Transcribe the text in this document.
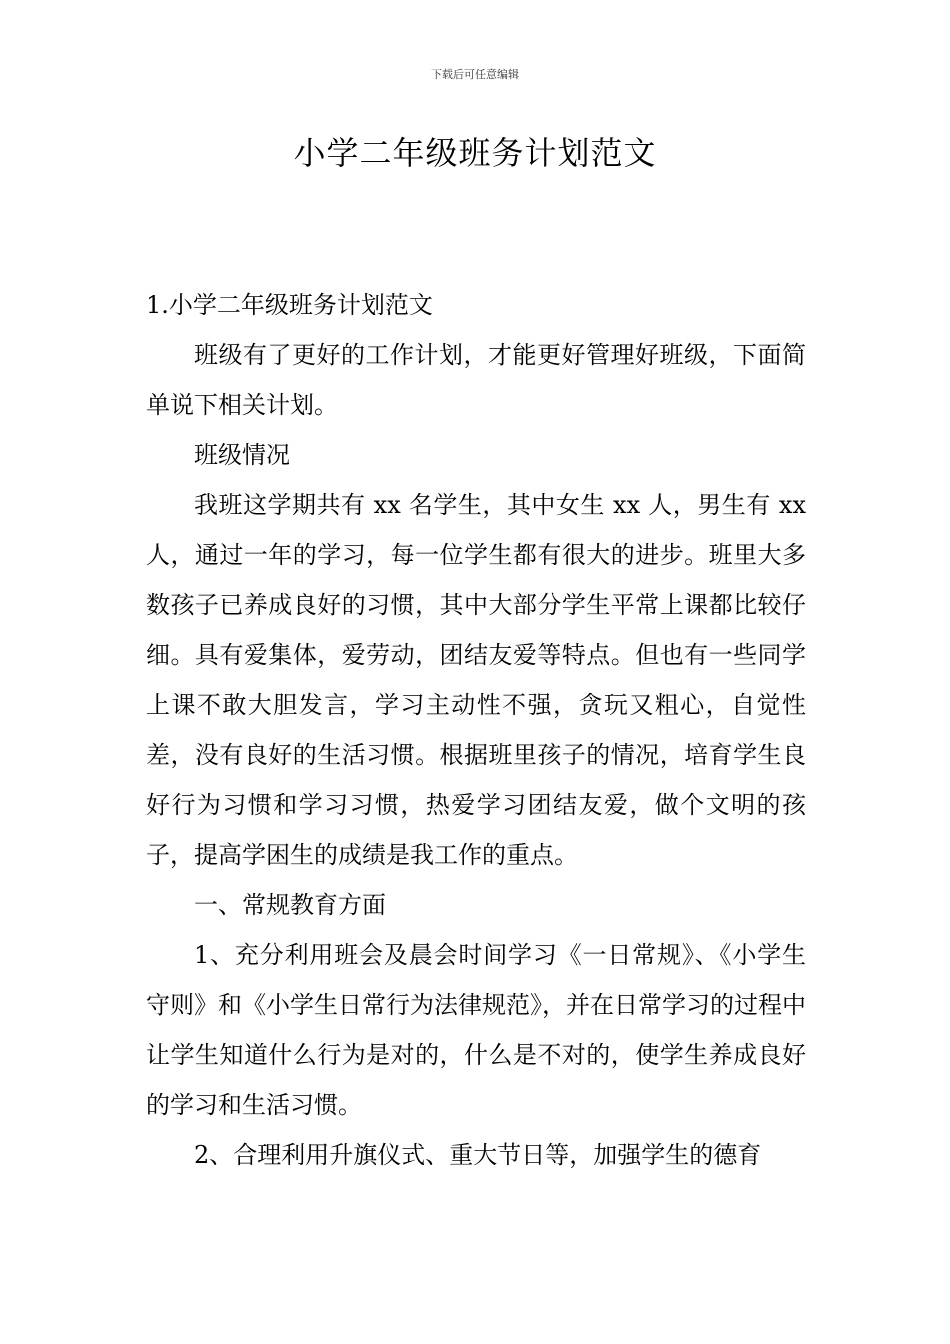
下载后可任意编辑
小学二年级班务计划范文

1.小学二年级班务计划范文

班级有了更好的工作计划，才能更好管理好班级，下面简单说下相关计划。

班级情况

我班这学期共有 xx 名学生，其中女生 xx 人，男生有 xx 人，通过一年的学习，每一位学生都有很大的进步。班里大多数孩子已养成良好的习惯，其中大部分学生平常上课都比较仔细。具有爱集体，爱劳动，团结友爱等特点。但也有一些同学上课不敢大胆发言，学习主动性不强，贪玩又粗心，自觉性差，没有良好的生活习惯。根据班里孩子的情况，培育学生良好行为习惯和学习习惯，热爱学习团结友爱，做个文明的孩子，提高学困生的成绩是我工作的重点。

一、常规教育方面

1、充分利用班会及晨会时间学习《一日常规》、《小学生守则》和《小学生日常行为法律规范》，并在日常学习的过程中让学生知道什么行为是对的，什么是不对的，使学生养成良好的学习和生活习惯。

2、合理利用升旗仪式、重大节日等，加强学生的德育
